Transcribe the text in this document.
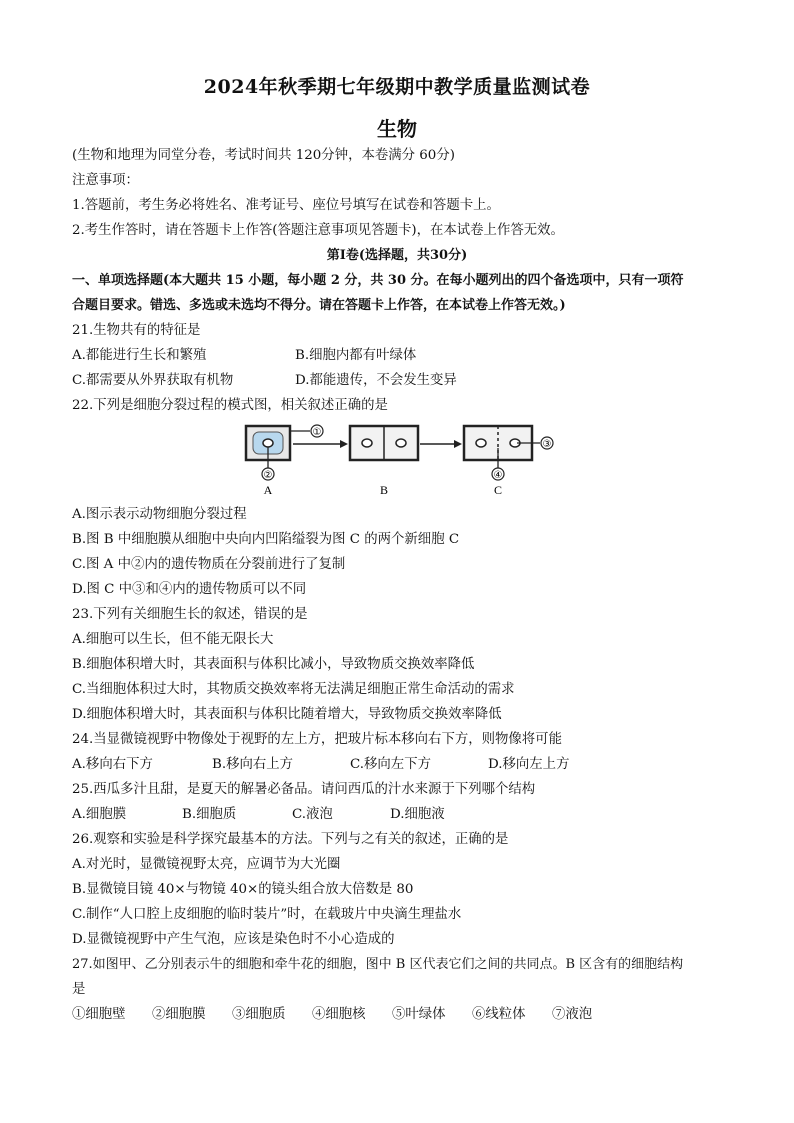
2024年秋季期七年级期中教学质量监测试卷
生物
(生物和地理为同堂分卷，考试时间共 120分钟，本卷满分 60分)
注意事项：
1.答题前，考生务必将姓名、准考证号、座位号填写在试卷和答题卡上。
2.考生作答时，请在答题卡上作答(答题注意事项见答题卡)，在本试卷上作答无效。
第Ⅰ卷(选择题，共30分)
一、单项选择题(本大题共 15 小题，每小题 2 分，共 30 分。在每小题列出的四个备选项中，只有一项符
合题目要求。错选、多选或未选均不得分。请在答题卡上作答，在本试卷上作答无效。)
21.生物共有的特征是
A.都能进行生长和繁殖	B.细胞内都有叶绿体
C.都需要从外界获取有机物	D.都能遗传，不会发生变异
22.下列是细胞分裂过程的模式图，相关叙述正确的是
①
②	④
③
A	B	C
A.图示表示动物细胞分裂过程
B.图 B 中细胞膜从细胞中央向内凹陷缢裂为图 C 的两个新细胞 C
C.图 A 中②内的遗传物质在分裂前进行了复制
D.图 C 中③和④内的遗传物质可以不同
23.下列有关细胞生长的叙述，错误的是
A.细胞可以生长，但不能无限长大
B.细胞体积增大时，其表面积与体积比减小，导致物质交换效率降低
C.当细胞体积过大时，其物质交换效率将无法满足细胞正常生命活动的需求
D.细胞体积增大时，其表面积与体积比随着增大，导致物质交换效率降低
24.当显微镜视野中物像处于视野的左上方，把玻片标本移向右下方，则物像将可能
A.移向右下方	B.移向右上方	C.移向左下方	D.移向左上方
25.西瓜多汁且甜，是夏天的解暑必备品。请问西瓜的汁水来源于下列哪个结构
A.细胞膜	B.细胞质	C.液泡	D.细胞液
26.观察和实验是科学探究最基本的方法。下列与之有关的叙述，正确的是
A.对光时，显微镜视野太亮，应调节为大光圈
B.显微镜目镜 40×与物镜 40×的镜头组合放大倍数是 80
C.制作“人口腔上皮细胞的临时装片”时，在载玻片中央滴生理盐水
D.显微镜视野中产生气泡，应该是染色时不小心造成的
27.如图甲、乙分别表示牛的细胞和牵牛花的细胞，图中 B 区代表它们之间的共同点。B 区含有的细胞结构
是
①细胞壁 ②细胞膜 ③细胞质 ④细胞核 ⑤叶绿体 ⑥线粒体 ⑦液泡
